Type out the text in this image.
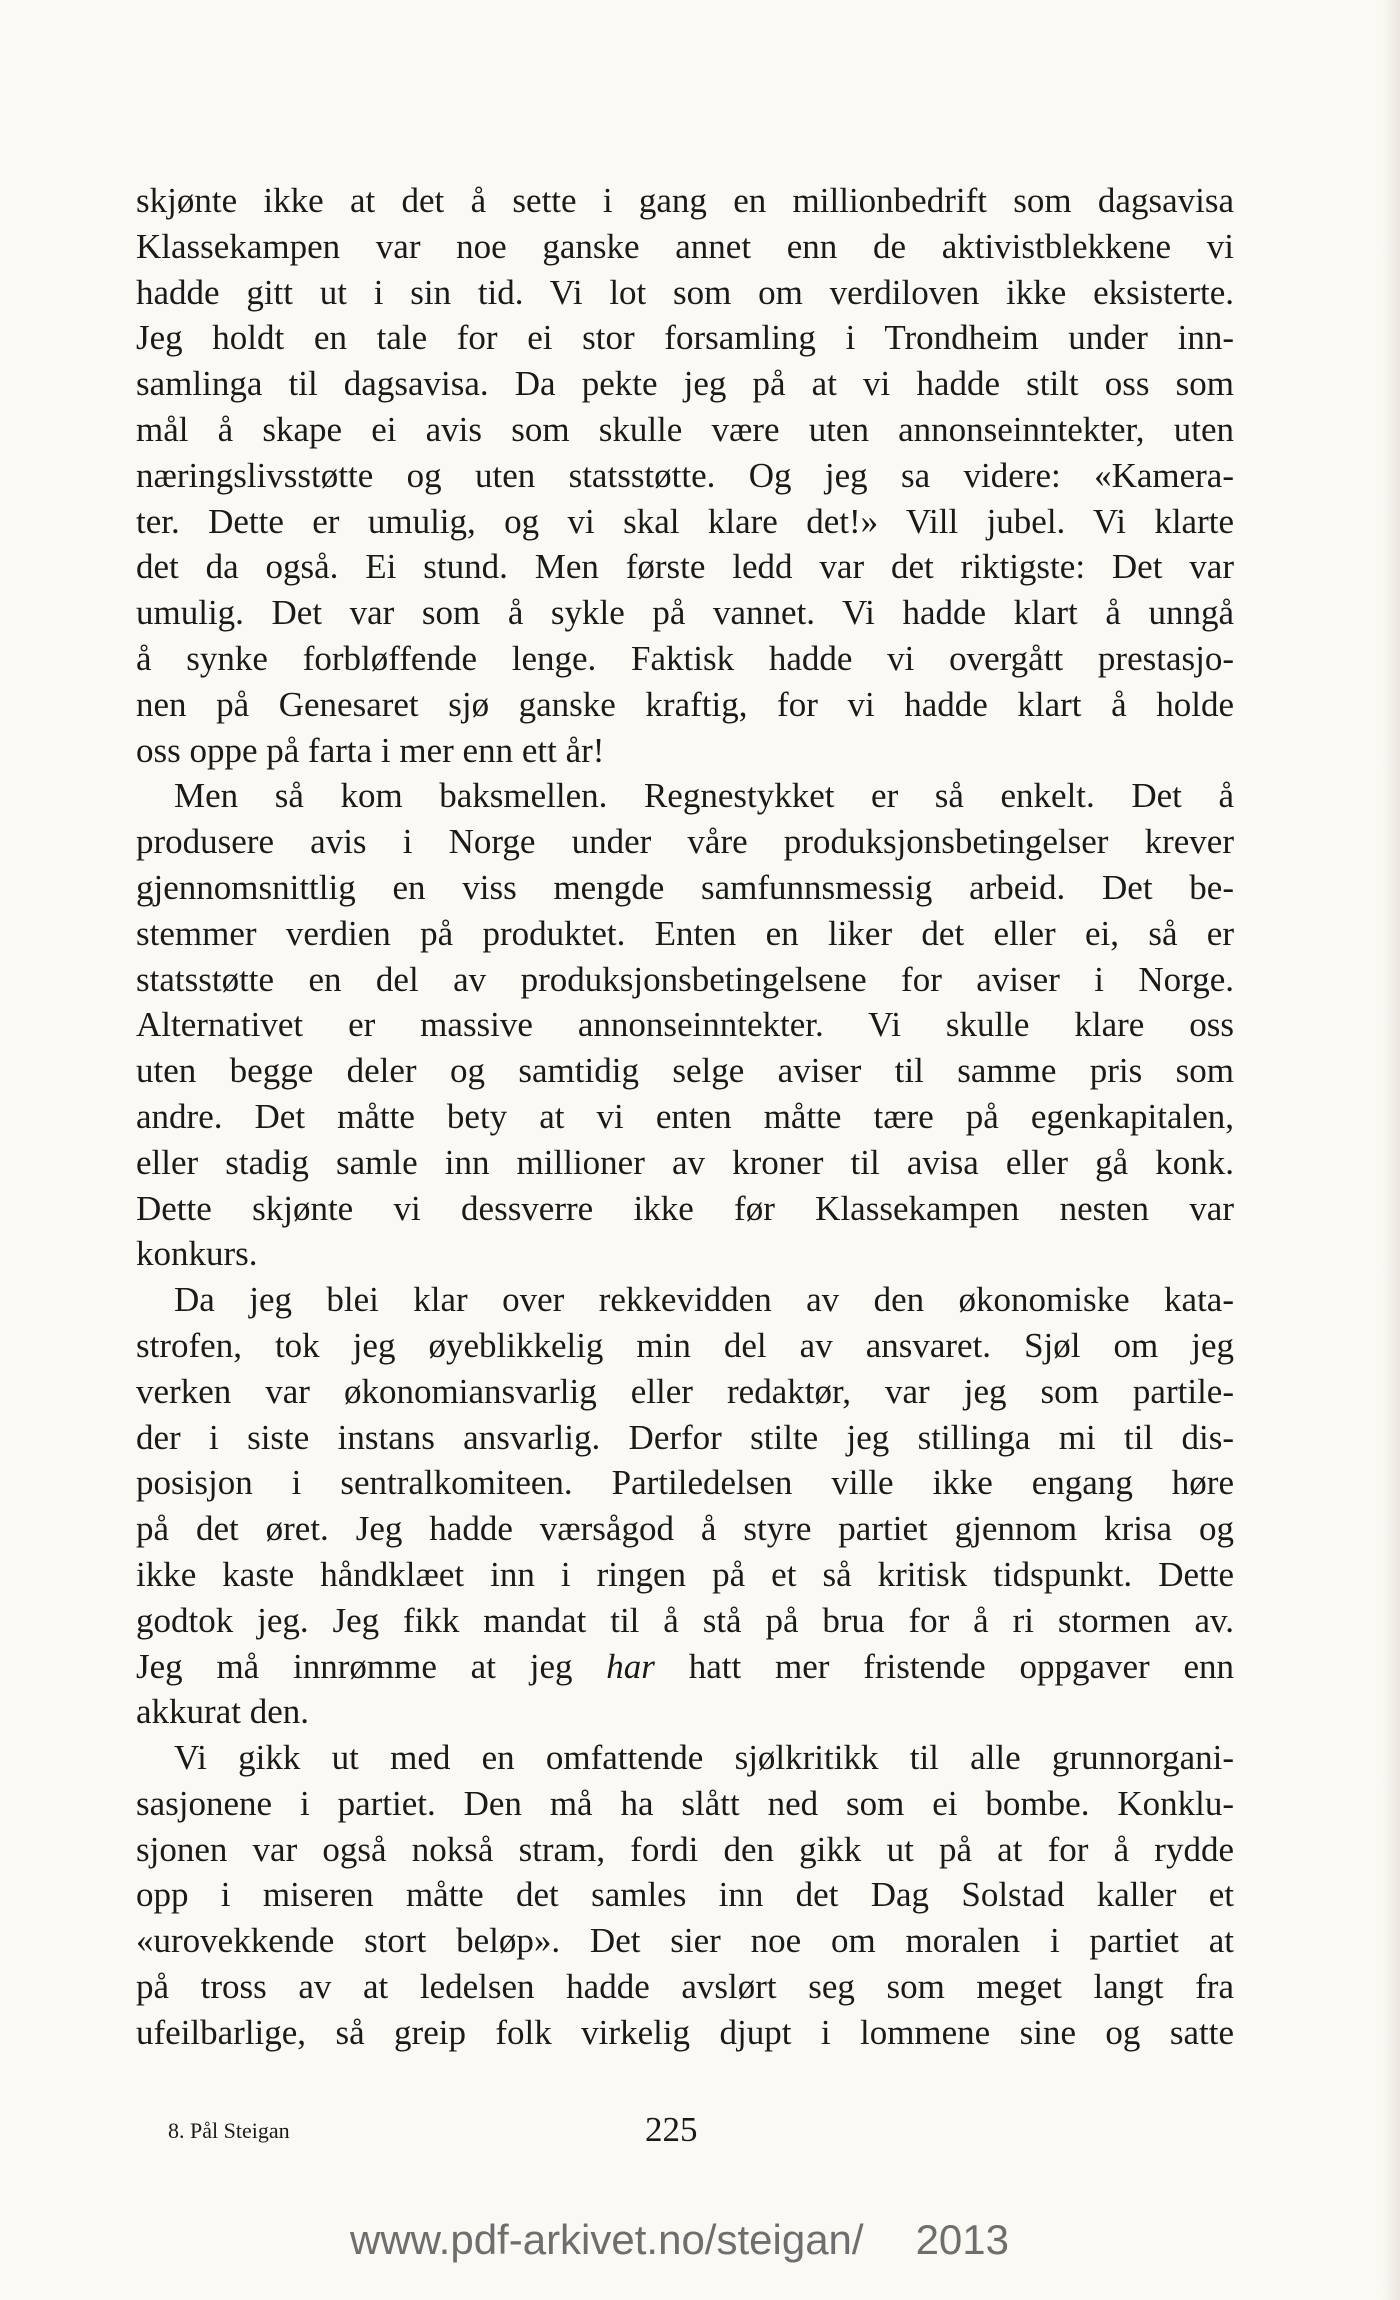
skjønte ikke at det å sette i gang en millionbedrift som dagsavisa
Klassekampen var noe ganske annet enn de aktivistblekkene vi
hadde gitt ut i sin tid. Vi lot som om verdiloven ikke eksisterte.
Jeg holdt en tale for ei stor forsamling i Trondheim under inn-
samlinga til dagsavisa. Da pekte jeg på at vi hadde stilt oss som
mål å skape ei avis som skulle være uten annonseinntekter, uten
næringslivsstøtte og uten statsstøtte. Og jeg sa videre: «Kamera-
ter. Dette er umulig, og vi skal klare det!» Vill jubel. Vi klarte
det da også. Ei stund. Men første ledd var det riktigste: Det var
umulig. Det var som å sykle på vannet. Vi hadde klart å unngå
å synke forbløffende lenge. Faktisk hadde vi overgått prestasjo-
nen på Genesaret sjø ganske kraftig, for vi hadde klart å holde
oss oppe på farta i mer enn ett år!
Men så kom baksmellen. Regnestykket er så enkelt. Det å
produsere avis i Norge under våre produksjonsbetingelser krever
gjennomsnittlig en viss mengde samfunnsmessig arbeid. Det be-
stemmer verdien på produktet. Enten en liker det eller ei, så er
statsstøtte en del av produksjonsbetingelsene for aviser i Norge.
Alternativet er massive annonseinntekter. Vi skulle klare oss
uten begge deler og samtidig selge aviser til samme pris som
andre. Det måtte bety at vi enten måtte tære på egenkapitalen,
eller stadig samle inn millioner av kroner til avisa eller gå konk.
Dette skjønte vi dessverre ikke før Klassekampen nesten var
konkurs.
Da jeg blei klar over rekkevidden av den økonomiske kata-
strofen, tok jeg øyeblikkelig min del av ansvaret. Sjøl om jeg
verken var økonomiansvarlig eller redaktør, var jeg som partile-
der i siste instans ansvarlig. Derfor stilte jeg stillinga mi til dis-
posisjon i sentralkomiteen. Partiledelsen ville ikke engang høre
på det øret. Jeg hadde værsågod å styre partiet gjennom krisa og
ikke kaste håndklæet inn i ringen på et så kritisk tidspunkt. Dette
godtok jeg. Jeg fikk mandat til å stå på brua for å ri stormen av.
Jeg må innrømme at jeg har hatt mer fristende oppgaver enn
akkurat den.
Vi gikk ut med en omfattende sjølkritikk til alle grunnorgani-
sasjonene i partiet. Den må ha slått ned som ei bombe. Konklu-
sjonen var også nokså stram, fordi den gikk ut på at for å rydde
opp i miseren måtte det samles inn det Dag Solstad kaller et
«urovekkende stort beløp». Det sier noe om moralen i partiet at
på tross av at ledelsen hadde avslørt seg som meget langt fra
ufeilbarlige, så greip folk virkelig djupt i lommene sine og satte
8. Pål Steigan	225
www.pdf-arkivet.no/steigan/ 2013
